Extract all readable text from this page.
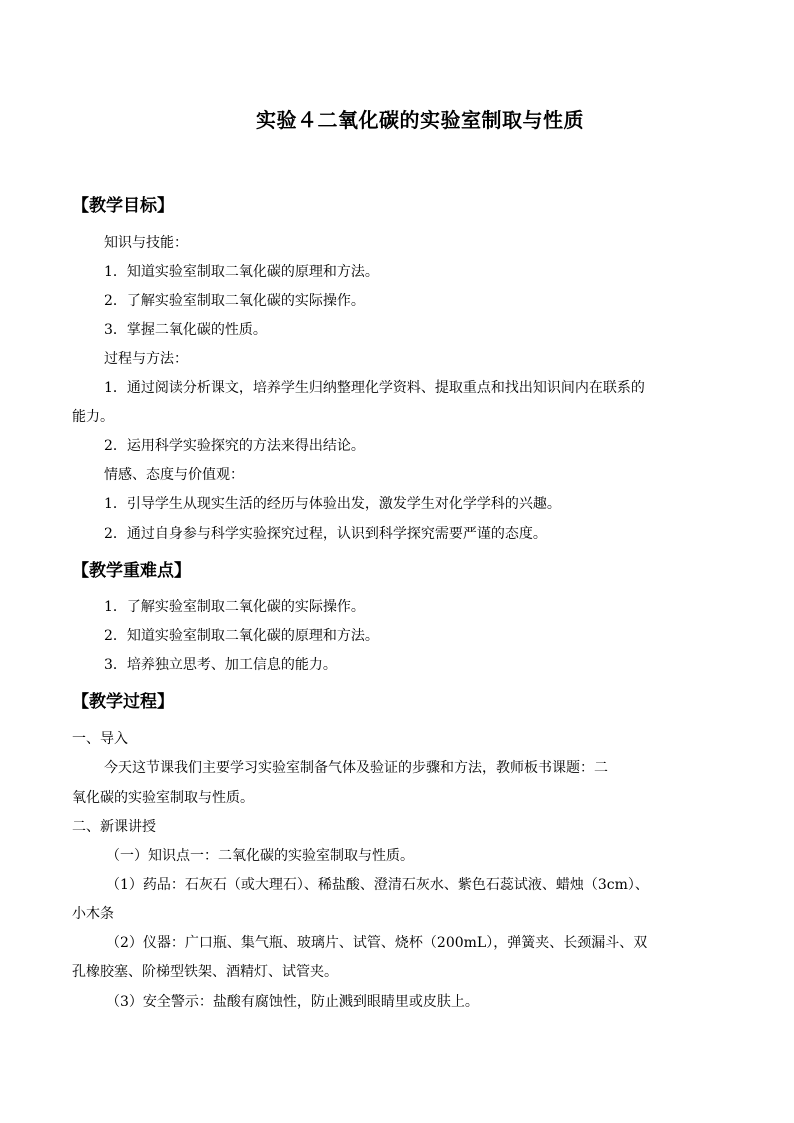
实验４二氧化碳的实验室制取与性质
【教学目标】
知识与技能：
1．知道实验室制取二氧化碳的原理和方法。
2．了解实验室制取二氧化碳的实际操作。
3．掌握二氧化碳的性质。
过程与方法：
1．通过阅读分析课文，培养学生归纳整理化学资料、提取重点和找出知识间内在联系的
能力。
2．运用科学实验探究的方法来得出结论。
情感、态度与价值观：
1．引导学生从现实生活的经历与体验出发，激发学生对化学学科的兴趣。
2．通过自身参与科学实验探究过程，认识到科学探究需要严谨的态度。
【教学重难点】
1．了解实验室制取二氧化碳的实际操作。
2．知道实验室制取二氧化碳的原理和方法。
3．培养独立思考、加工信息的能力。
【教学过程】
一、导入
今天这节课我们主要学习实验室制备气体及验证的步骤和方法，教师板书课题：二
氧化碳的实验室制取与性质。
二、新课讲授
（一）知识点一：二氧化碳的实验室制取与性质。
（1）药品：石灰石（或大理石）、稀盐酸、澄清石灰水、紫色石蕊试液、蜡烛（3cm）、
小木条
（2）仪器：广口瓶、集气瓶、玻璃片、试管、烧杯（200mL），弹簧夹、长颈漏斗、双
孔橡胶塞、阶梯型铁架、酒精灯、试管夹。
（3）安全警示：盐酸有腐蚀性，防止溅到眼睛里或皮肤上。
